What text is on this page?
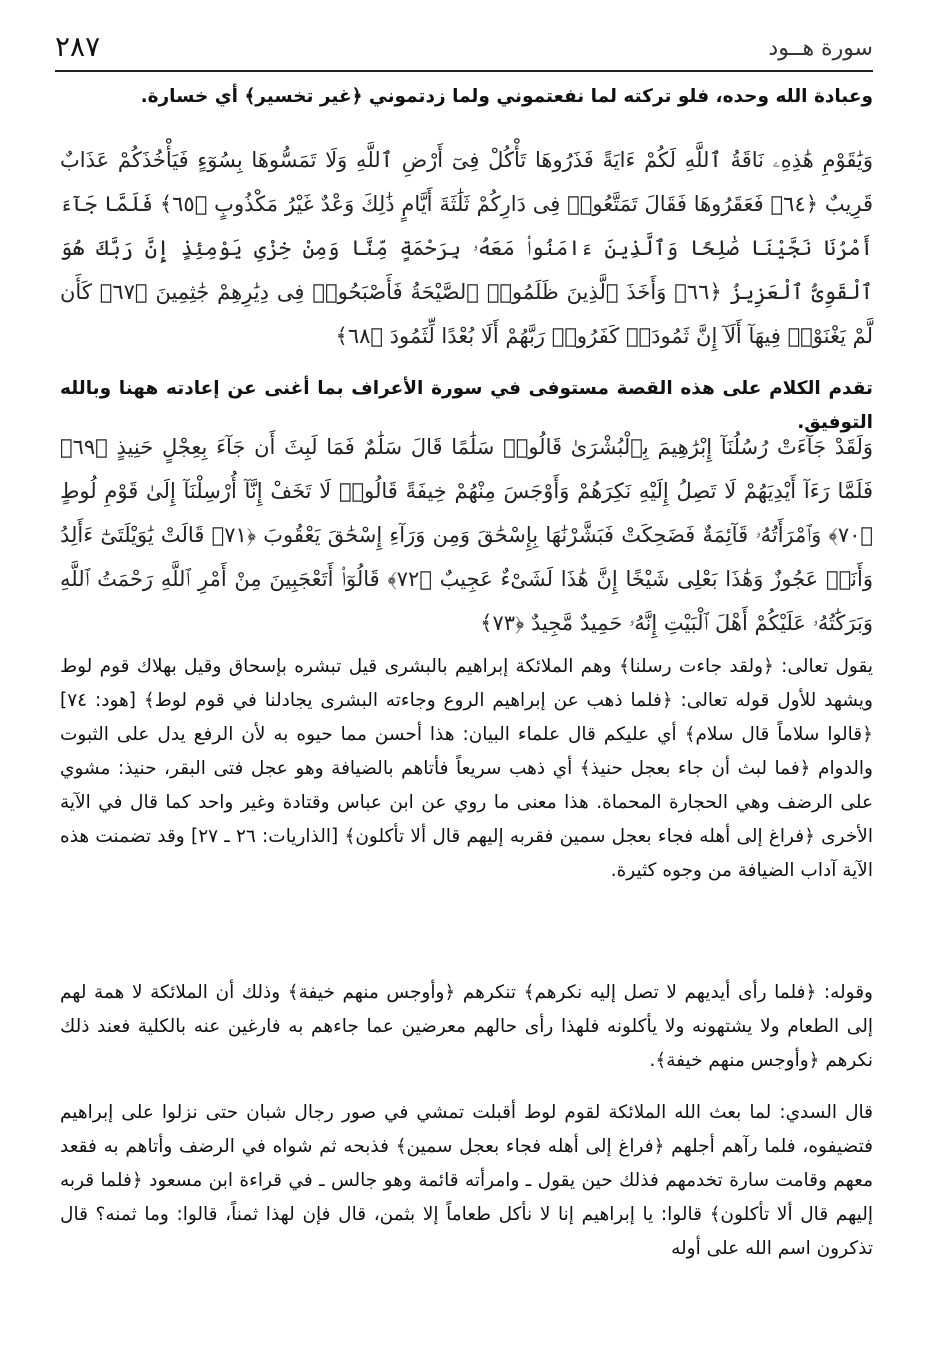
٢٨٧	سورة هــود
وعبادة الله وحده، فلو تركته لما نفعتموني ولما زدتموني ﴿غير تخسير﴾ أي خسارة.
وَيَٰقَوْمِ هَٰذِهِۦ نَاقَةُ ٱللَّهِ لَكُمْ ءَايَةً فَذَرُوهَا تَأْكُلْ فِىٓ أَرْضِ ٱللَّهِ وَلَا تَمَسُّوهَا بِسُوٓءٍ فَيَأْخُذَكُمْ عَذَابٌ قَرِيبٌ ﴿٦٤﴾ فَعَقَرُوهَا فَقَالَ تَمَتَّعُوا۟ فِى دَارِكُمْ ثَلَٰثَةَ أَيَّامٍ ذَٰلِكَ وَعْدٌ غَيْرُ مَكْذُوبٍ ﴿٦٥﴾ فَلَمَّا جَآءَ أَمْرُنَا نَجَّيْنَا صَٰلِحًا وَٱلَّذِينَ ءَامَنُوا۟ مَعَهُۥ بِرَحْمَةٍ مِّنَّا وَمِنْ خِزْىِ يَوْمِئِذٍ إِنَّ رَبَّكَ هُوَ ٱلْقَوِىُّ ٱلْعَزِيزُ ﴿٦٦﴾ وَأَخَذَ ٱلَّذِينَ ظَلَمُوا۟ ٱلصَّيْحَةُ فَأَصْبَحُوا۟ فِى دِيَٰرِهِمْ جَٰثِمِينَ ﴿٦٧﴾ كَأَن لَّمْ يَغْنَوْا۟ فِيهَآ أَلَآ إِنَّ ثَمُودَا۟ كَفَرُوا۟ رَبَّهُمْ أَلَا بُعْدًا لِّثَمُودَ ﴿٦٨﴾
تقدم الكلام على هذه القصة مستوفى في سورة الأعراف بما أغنى عن إعادته ههنا وبالله التوفيق.
وَلَقَدْ جَآءَتْ رُسُلُنَآ إِبْرَٰهِيمَ بِٱلْبُشْرَىٰ قَالُوا۟ سَلَٰمًا قَالَ سَلَٰمٌ فَمَا لَبِثَ أَن جَآءَ بِعِجْلٍ حَنِيذٍ ﴿٦٩﴾ فَلَمَّا رَءَآ أَيْدِيَهُمْ لَا تَصِلُ إِلَيْهِ نَكِرَهُمْ وَأَوْجَسَ مِنْهُمْ خِيفَةً قَالُوا۟ لَا تَخَفْ إِنَّآ أُرْسِلْنَآ إِلَىٰ قَوْمِ لُوطٍ ﴿٧٠﴾ وَٱمْرَأَتُهُۥ قَآئِمَةٌ فَضَحِكَتْ فَبَشَّرْنَٰهَا بِإِسْحَٰقَ وَمِن وَرَآءِ إِسْحَٰقَ يَعْقُوبَ ﴿٧١﴾ قَالَتْ يَٰوَيْلَتَىٰٓ ءَأَلِدُ وَأَنَا۠ عَجُوزٌ وَهَٰذَا بَعْلِى شَيْخًا إِنَّ هَٰذَا لَشَىْءٌ عَجِيبٌ ﴿٧٢﴾ قَالُوٓا۟ أَتَعْجَبِينَ مِنْ أَمْرِ ٱللَّهِ رَحْمَتُ ٱللَّهِ وَبَرَكَٰتُهُۥ عَلَيْكُمْ أَهْلَ ٱلْبَيْتِ إِنَّهُۥ حَمِيدٌ مَّجِيدٌ ﴿٧٣﴾
يقول تعالى: ﴿ولقد جاءت رسلنا﴾ وهم الملائكة إبراهيم بالبشرى قيل تبشره بإسحاق وقيل بهلاك قوم لوط ويشهد للأول قوله تعالى: ﴿فلما ذهب عن إبراهيم الروع وجاءته البشرى يجادلنا في قوم لوط﴾ [هود: ٧٤] ﴿قالوا سلاماً قال سلام﴾ أي عليكم قال علماء البيان: هذا أحسن مما حيوه به لأن الرفع يدل على الثبوت والدوام ﴿فما لبث أن جاء بعجل حنيذ﴾ أي ذهب سريعاً فأتاهم بالضيافة وهو عجل فتى البقر، حنيذ: مشوي على الرضف وهي الحجارة المحماة. هذا معنى ما روي عن ابن عباس وقتادة وغير واحد كما قال في الآية الأخرى ﴿فراغ إلى أهله فجاء بعجل سمين فقربه إليهم قال ألا تأكلون﴾ [الذاريات: ٢٦ ـ ٢٧] وقد تضمنت هذه الآية آداب الضيافة من وجوه كثيرة.
وقوله: ﴿فلما رأى أيديهم لا تصل إليه نكرهم﴾ تنكرهم ﴿وأوجس منهم خيفة﴾ وذلك أن الملائكة لا همة لهم إلى الطعام ولا يشتهونه ولا يأكلونه فلهذا رأى حالهم معرضين عما جاءهم به فارغين عنه بالكلية فعند ذلك نكرهم ﴿وأوجس منهم خيفة﴾.
قال السدي: لما بعث الله الملائكة لقوم لوط أقبلت تمشي في صور رجال شبان حتى نزلوا على إبراهيم فتضيفوه، فلما رآهم أجلهم ﴿فراغ إلى أهله فجاء بعجل سمين﴾ فذبحه ثم شواه في الرضف وأتاهم به فقعد معهم وقامت سارة تخدمهم فذلك حين يقول ـ وامرأته قائمة وهو جالس ـ في قراءة ابن مسعود ﴿فلما قربه إليهم قال ألا تأكلون﴾ قالوا: يا إبراهيم إنا لا نأكل طعاماً إلا بثمن، قال فإن لهذا ثمناً، قالوا: وما ثمنه؟ قال تذكرون اسم الله على أوله
